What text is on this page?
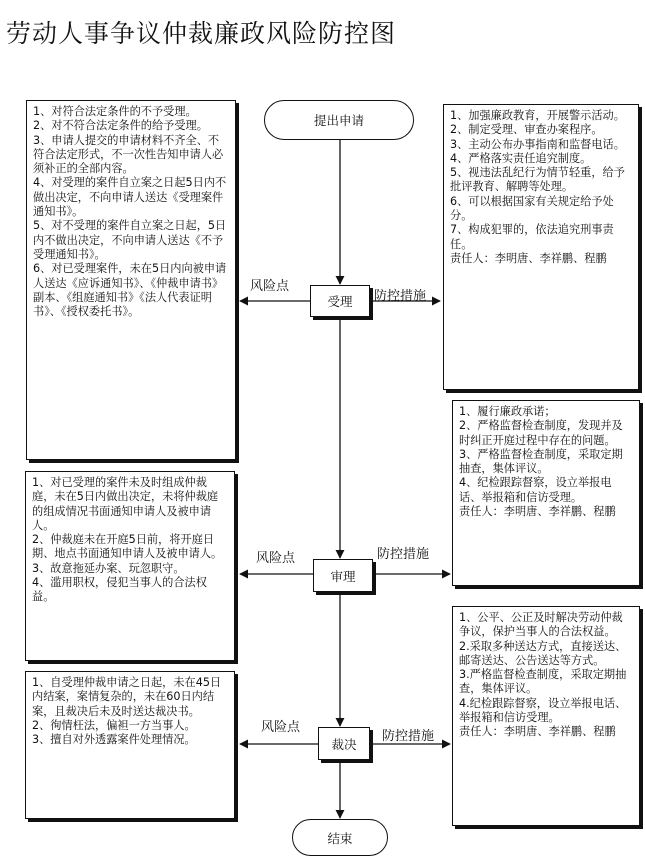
劳动人事争议仲裁廉政风险防控图
提出申请
受理
审理
裁决
结束
风险点
防控措施
风险点	防控措施
风险点
防控措施
1、对符合法定条件的不予受理。
2、对不符合法定条件的给予受理。
3、申请人提交的申请材料不齐全、不符合法定形式，不一次性告知申请人必须补正的全部内容。
4、对受理的案件自立案之日起5日内不做出决定，不向申请人送达《受理案件通知书》。
5、对不受理的案件自立案之日起，5日内不做出决定，不向申请人送达《不予受理通知书》。
6、对已受理案件，未在5日内向被申请人送达《应诉通知书》、《仲裁申请书》副本、《组庭通知书》《法人代表证明书》、《授权委托书》。
1、加强廉政教育，开展警示活动。
2、制定受理、审查办案程序。
3、主动公布办事指南和监督电话。
4、严格落实责任追究制度。
5、视违法乱纪行为情节轻重，给予批评教育、解聘等处理。
6、可以根据国家有关规定给予处分。
7、构成犯罪的，依法追究刑事责任。
责任人：李明唐、李祥鹏、程鹏
1、对已受理的案件未及时组成仲裁庭，未在5日内做出决定，未将仲裁庭的组成情况书面通知申请人及被申请人。
2、仲裁庭未在开庭5日前，将开庭日期、地点书面通知申请人及被申请人。
3、故意拖延办案、玩忽职守。
4、滥用职权，侵犯当事人的合法权益。
1、履行廉政承诺；
2、严格监督检查制度，发现并及时纠正开庭过程中存在的问题。
3、严格监督检查制度，采取定期抽查，集体评议。
4、纪检跟踪督察，设立举报电话、举报箱和信访受理。
责任人：李明唐、李祥鹏、程鹏
1、自受理仲裁申请之日起，未在45日内结案，案情复杂的，未在60日内结案，且裁决后未及时送达裁决书。
2、徇情枉法，偏袒一方当事人。
3、擅自对外透露案件处理情况。
1、公平、公正及时解决劳动仲裁争议，保护当事人的合法权益。
2.采取多种送达方式，直接送达、邮寄送达、公告送达等方式。
3.严格监督检查制度，采取定期抽查，集体评议。
4.纪检跟踪督察，设立举报电话、举报箱和信访受理。
责任人：李明唐、李祥鹏、程鹏
